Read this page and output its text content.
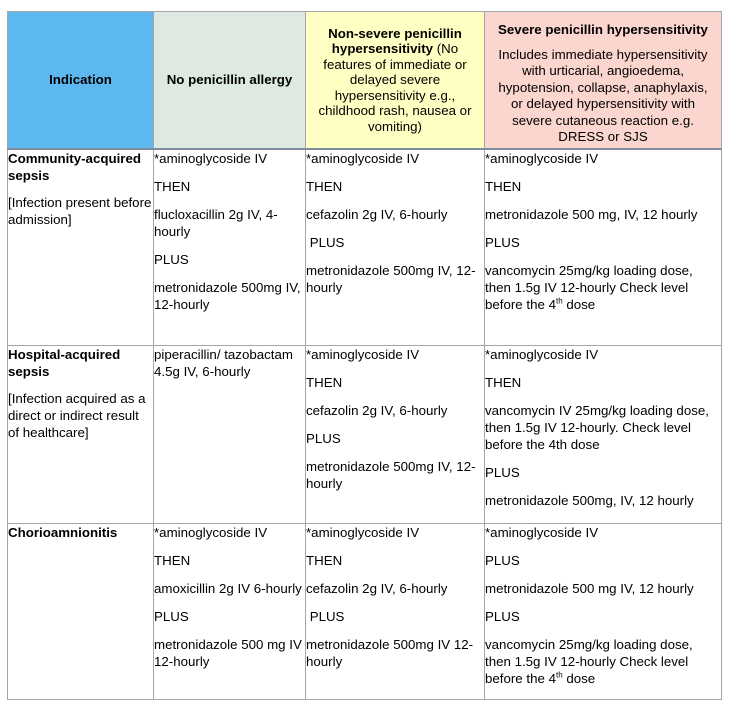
Indication	No penicillin allergy	Non-severe penicillin hypersensitivity (No features of immediate or delayed severe hypersensitivity e.g., childhood rash, nausea or vomiting)	Severe penicillin hypersensitivity
Includes immediate hypersensitivity with urticarial, angioedema, hypotension, collapse, anaphylaxis, or delayed hypersensitivity with severe cutaneous reaction e.g. DRESS or SJS

Community-acquired sepsis
[Infection present before admission]	*aminoglycoside IV
THEN
flucloxacillin 2g IV, 4-hourly
PLUS
metronidazole 500mg IV, 12-hourly	*aminoglycoside IV
THEN
cefazolin 2g IV, 6-hourly
PLUS
metronidazole 500mg IV, 12-hourly	*aminoglycoside IV
THEN
metronidazole 500 mg, IV, 12 hourly
PLUS
vancomycin 25mg/kg loading dose, then 1.5g IV 12-hourly Check level before the 4th dose

Hospital-acquired sepsis
[Infection acquired as a direct or indirect result of healthcare]	piperacillin/ tazobactam 4.5g IV, 6-hourly	*aminoglycoside IV
THEN
cefazolin 2g IV, 6-hourly
PLUS
metronidazole 500mg IV, 12-hourly	*aminoglycoside IV
THEN
vancomycin IV 25mg/kg loading dose, then 1.5g IV 12-hourly. Check level before the 4th dose
PLUS
metronidazole 500mg, IV, 12 hourly

Chorioamnionitis	*aminoglycoside IV
THEN
amoxicillin 2g IV 6-hourly
PLUS
metronidazole 500 mg IV 12-hourly	*aminoglycoside IV
THEN
cefazolin 2g IV, 6-hourly
PLUS
metronidazole 500mg IV 12-hourly	*aminoglycoside IV
PLUS
metronidazole 500 mg IV, 12 hourly
PLUS
vancomycin 25mg/kg loading dose, then 1.5g IV 12-hourly Check level before the 4th dose
